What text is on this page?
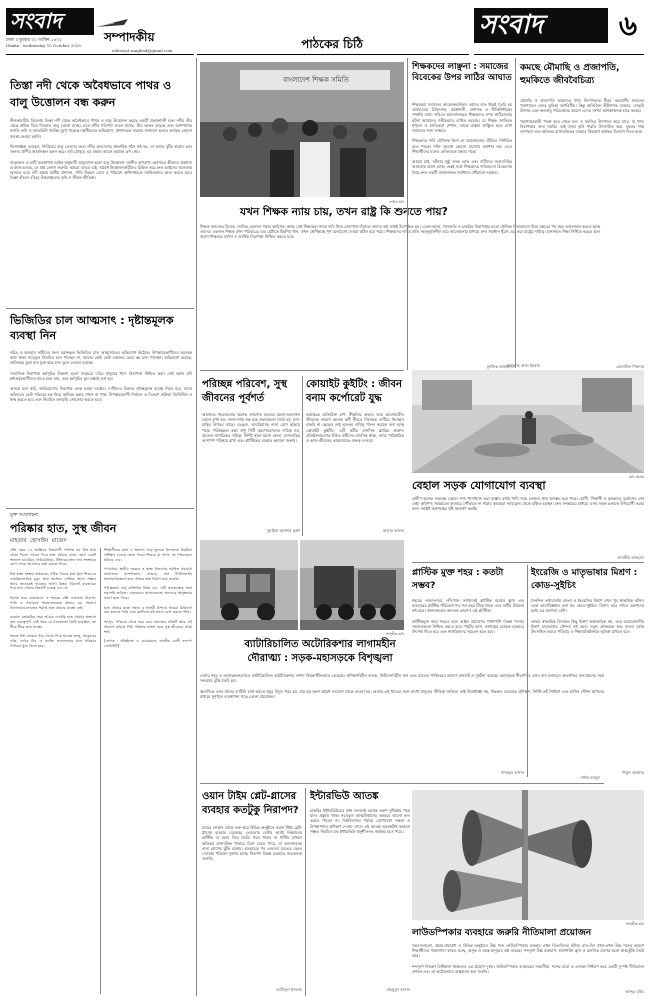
সংবাদ
ঢাকা ॥ বুধবার ৩০ আশ্বিন ১৪৩২
Dhaka : wednesday 15 October 2025
সম্পাদকীয়
editorial.sangbad@gmail.com	পাঠকের চিঠি
সংবাদ	৬
তিস্তা নদী থেকে অবৈধভাবে পাথর ও বালু উত্তোলন বন্ধ করুন
নীলফামারীর ডিমলায় তিস্তা নদী থেকে অবৈধভাবে পাথর ও বালু উত্তোলন করছে একটি প্রভাবশালী চক্র। নদীর তীর থেকে শ্রমিক দিয়ে দিনরাত বালু তোলা হচ্ছে। এতে নদীর গতিপথ বদলে যাচ্ছে, তীর ভাঙন বাড়ছে এবং আশপাশের ফসলি জমি ও বসতভিটা হুমকির মুখে পড়েছে। স্থানীয়দের অভিযোগ, প্রশাসনকে বারবার জানানো হলেও কার্যকর কোনো ব্যবস্থা নেওয়া হয়নি।

বিশেষজ্ঞরা বলছেন, নির্বিচারে বালু তোলার ফলে নদীর তলদেশের স্বাভাবিক গঠন নষ্ট হয়, যা বন্যার ঝুঁকি বাড়ায় এবং জলজ প্রাণীর আবাসস্থল ধ্বংস করে। বর্ষা মৌসুমে এর প্রভাব আরও ভয়াবহ রূপ নেয়।

বালুমহাল ও মাটি ব্যবস্থাপনা আইন অনুযায়ী অনুমোদন ছাড়া বালু উত্তোলন দণ্ডনীয় অপরাধ। তারপরও কীভাবে প্রকাশ্যে এ কাজ চলছে, সে প্রশ্ন তোলা জরুরি। আমরা বলতে চাই, অবৈধ উত্তোলনকারীদের চিহ্নিত করে দ্রুত আইনের আওতায় আনতে হবে। নদী রক্ষায় স্থানীয় প্রশাসন, পানি উন্নয়ন বোর্ড ও পরিবেশ অধিদপ্তরকে সমন্বিতভাবে কাজ করতে হবে। তিস্তা বাঁচলে বাঁচবে উত্তরাঞ্চলের কৃষি ও জীবন-জীবিকা।
ভিজিডির চাল আত্মসাৎ : দৃষ্টান্তমূলক ব্যবস্থা নিন
দরিদ্র ও অসহায় নারীদের জন্য বরাদ্দকৃত ভিজিডির চাল আত্মসাতের অভিযোগ উঠেছে। উপকারভোগীদের অনেকে কার্ড থাকা সত্ত্বেও নিয়মিত চাল পাচ্ছেন না, আবার কেউ কেউ বরাদ্দের চেয়ে কম চাল পাচ্ছেন। অভিযোগ রয়েছে, তালিকায় ভুয়া নাম যুক্ত করে চাল তুলে নেওয়া হয়েছে।

সামাজিক নিরাপত্তা কর্মসূচির উদ্দেশ্য হলো সবচেয়ে দরিদ্র মানুষের খাদ্য নিরাপত্তা নিশ্চিত করা। সেই বরাদ্দ যদি মধ্যস্বত্বভোগীদের হাতে চলে যায়, তবে কর্মসূচির মূল লক্ষ্যই ব্যর্থ হয়।

আমরা মনে করি, অভিযোগের নিরপেক্ষ তদন্ত হওয়া দরকার। দোষীদের বিরুদ্ধে দৃষ্টান্তমূলক ব্যবস্থা নিতে হবে, যাতে ভবিষ্যতে কেউ গরিবের হক নিয়ে অনিয়ম করার সাহস না পায়। উপকারভোগী নির্বাচন ও বিতরণ প্রক্রিয়া ডিজিটাল ও স্বচ্ছ করতে হবে এবং নিয়মিত তদারকি জোরদার করতে হবে।
মুক্ত আলোচনা
পরিষ্কার হাত, সুস্থ জীবন
মাহতাব হোসাইন মাজেদ
প্রতি বছর ১৫ অক্টোবর বিশ্বব্যাপী পালিত হয় বিশ্ব হাত ধোয়া দিবস। সাবান দিয়ে হাত ধোয়ার মতো ছোট্ট একটি অভ্যাস ডায়রিয়া, নিউমোনিয়া, টাইফয়েডসহ নানা সংক্রামক রোগ থেকে আমাদের রক্ষা করতে পারে।

বিশ্ব স্বাস্থ্য সংস্থার তথ্যমতে, সঠিক নিয়মে হাত ধুলে শিশুদের ডায়রিয়াজনিত মৃত্যু প্রায় অর্ধেকে নামিয়ে আনা সম্ভব। অথচ অনেকেই খাওয়ার আগে কিংবা টয়লেট ব্যবহারের পরে হাত ধোয়ার বিষয়টি গুরুত্ব দেন না।

বিশেষ করে গ্রামাঞ্চলে ও শহরের বস্তি এলাকায় নিরাপদ পানি ও সাবানের সহজলভ্যতার অভাব বড় সমস্যা। বিদ্যালয়গুলোতেও পর্যাপ্ত হাত ধোয়ার ব্যবস্থা নেই।

করোনা মহামারির সময় আমরা দেখেছি হাত ধোয়ার অভ্যাস কত গুরুত্বপূর্ণ। সেই সময় যে সচেতনতা তৈরি হয়েছিল, তা ধীরে ধীরে কমে যাচ্ছে।

অন্তত বিশ সেকেন্ড ধরে সাবান দিয়ে হাতের তালু, আঙুলের ফাঁক, নখের নিচ ও কবজি ভালোভাবে ঘষে পরিষ্কার পানিতে ধুয়ে নিতে হবে।
শিক্ষার্থীদের মধ্যে এ অভ্যাস গড়ে তুলতে বিদ্যালয়ে নিয়মিত প্রশিক্ষণ দেওয়া যেতে পারে। শিশুরা যা শেখে, তা পরিবারেও ছড়িয়ে দেয়।

গণমাধ্যম, স্থানীয় সরকার ও স্বাস্থ্য বিভাগের সমন্বিত প্রচারণা প্রয়োজন। হাসপাতাল, বাজার, বাস টার্মিনালসহ জনসমাগমস্থলে হাত ধোয়ার স্থান নির্মাণ করা জরুরি।

পরিচ্ছন্নতা শুধু ব্যক্তিগত বিষয় নয়, এটি জনস্বাস্থ্যের সঙ্গে সরাসরি জড়িত। একজনের অসচেতনতা অন্যদের অসুস্থতার কারণ হতে পারে।

হাত ধোয়ার মতো সহজ ও সাশ্রয়ী উপায়ে আমরা চিকিৎসা ব্যয় কমাতে পারি এবং কর্মদিবস নষ্ট হওয়া রোধ করতে পারি।

আসুন, পরিবার থেকে শুরু করে সমাজের প্রতিটি স্তরে এই অভ্যাস ছড়িয়ে দিই। পরিষ্কার হাতই হোক সুস্থ জীবনের প্রথম শর্ত।

[লেখক : প্রতিষ্ঠাতা ও চেয়ারম্যান, জাতীয় রোগী কল্যাণ সোসাইটি]
বাংলাদেশ শিক্ষক সমিতি
ফাইল ছবি
যখন শিক্ষক ন্যায় চায়, তখন রাষ্ট্র কি শুনতে পায়?
শিক্ষক সমাজের বিবেক, জাতির মেরুদণ্ড গড়ার কারিগর। অথচ সেই শিক্ষকেরা ন্যায্য দাবি নিয়ে রাজপথে দাঁড়ালে তাদের কণ্ঠ প্রায়ই উপেক্ষিত হয়। বেতন-ভাতা, পদোন্নতি ও চাকরির নিরাপত্তার মতো মৌলিক বিষয়গুলো নিয়ে বছরের পর বছর আন্দোলন করতে হচ্ছে তাদের। একজন শিক্ষক যখন পরিবারের ব্যয় মেটাতে হিমশিম খান, তখন শ্রেণিকক্ষে পূর্ণ মনোযোগ দেওয়া কঠিন হয়ে পড়ে। শিক্ষকদের দাবির প্রতি সহানুভূতিশীল হয়ে আলোচনার মাধ্যমে দ্রুত সমাধান খুঁজে বের করা রাষ্ট্রের দায়িত্ব। মানসম্মত শিক্ষা নিশ্চিত করতে হলে আগে শিক্ষকের মর্যাদা ও আর্থিক নিরাপত্তা নিশ্চিত করতে হবে।
আব্দুল্লাহ আল ইমরান
পরিচ্ছন্ন পরিবেশ, সুস্থ জীবনের পূর্বশর্ত
আমাদের শহরগুলোর অনেক জায়গায় যত্রতত্র ময়লা-আবর্জনা ফেলে রাখা হয়। নালা-নর্দমা বন্ধ হয়ে জলাবদ্ধতা তৈরি হয়, মশা-মাছির উপদ্রব বাড়ে। ডেঙ্গু, ডায়রিয়াসহ নানা রোগ ছড়িয়ে পড়ে। পরিচ্ছন্নতা রক্ষা শুধু সিটি করপোরেশনের দায়িত্ব নয়, প্রত্যেক নাগরিকের দায়িত্ব। নির্দিষ্ট স্থানে ময়লা ফেলা, বাসাবাড়ির আশপাশ পরিষ্কার রাখা এবং প্লাস্টিকের ব্যবহার কমানো জরুরি।
সুমাইয়া আক্তার মুক্তা
কোয়াইট কুইটিং : জীবন বনাম কর্পোরেট যুদ্ধ
কর্মক্ষেত্রে অতিরিক্ত চাপ, স্বীকৃতির অভাব আর ভারসাম্যহীন জীবনের কারণে অনেক কর্মী নীরবে নিজেকে গুটিয়ে নিচ্ছেন। চাকরি না ছেড়েও শুধু ন্যূনতম দায়িত্ব পালন করাকে বলা হচ্ছে কোয়াইট কুইটিং। এটি কর্মীর মানসিক ক্লান্তির প্রকাশ। প্রতিষ্ঠানগুলোর উচিত কর্মীদের মানসিক স্বাস্থ্য, ন্যায্য পারিশ্রমিক ও কাজ-জীবনের ভারসাম্যকে গুরুত্ব দেওয়া।
আমার আলম
সংগৃহীত ছবি
ব্যাটারিচালিত অটোরিকশার লাগামহীন দৌরাত্ম্য : সড়ক-মহাসড়কে বিশৃঙ্খলা
দেশের শহর ও মহাসড়কগুলোতে ব্যাটারিচালিত অটোরিকশার সংখ্যা নিয়ন্ত্রণহীনভাবে বেড়েছে। প্রশিক্ষণবিহীন চালক, ফিটনেসবিহীন যান এবং যত্রতত্র পার্কিংয়ের কারণে যানজট ও দুর্ঘটনা বাড়ছে। মহাসড়কে ধীরগতির এসব যান চলাচলে দ্রুতগতির যানবাহনের সঙ্গে সংঘর্ষের ঝুঁকি তৈরি হয়।

অন্যদিকে এসব যানের ব্যাটারি চার্জ করতে প্রচুর বিদ্যুৎ খরচ হয়, যার বড় অংশ অবৈধ সংযোগ থেকে নেওয়া হয়। আবার এই খাতের সঙ্গে লাখো মানুষের জীবিকা জড়িত। তাই নিষেধাজ্ঞা নয়, নিবন্ধন, চালকের প্রশিক্ষণ, নির্দিষ্ট রুট নির্ধারণ এবং চার্জিং স্টেশন স্থাপনের মাধ্যমে সুশৃঙ্খল ব্যবস্থাপনা গড়ে তোলা প্রয়োজন।
নাঈম মাহমুদ
ওয়ান টাইম প্লেট-গ্লাসের ব্যবহার কতটুকু নিরাপদ?
চায়ের দোকান থেকে শুরু করে বিভিন্ন অনুষ্ঠানে ওয়ান টাইম প্লেট-গ্লাসের ব্যবহার বেড়েছে। এগুলোর বেশির ভাগই নিম্নমানের প্লাস্টিক বা ফোম দিয়ে তৈরি। গরম খাবার বা পানীয় রাখলে ক্ষতিকর রাসায়নিক খাবারে মিশে যেতে পারে, যা ক্যানসারসহ নানা রোগের ঝুঁকি বাড়ায়। ব্যবহারের পর এগুলো যত্রতত্র ফেলে দেওয়ায় পরিবেশ দূষণও হচ্ছে। নিরাপদ বিকল্প ব্যবহারে সচেতনতা জরুরি।
আমিনুল ইসলাম
ইন্টারভিউ আতঙ্ক
চাকরির ইন্টারভিউয়ের কথা শুনলেই অনেক তরুণ দুশ্চিন্তায় পড়ে যান। প্রস্তুতি থাকা সত্ত্বেও আত্মবিশ্বাসের অভাবে ভালো ফল করতে পারেন না। বিশ্ববিদ্যালয় পর্যায়ে যোগাযোগ দক্ষতা ও উপস্থাপনার প্রশিক্ষণ দেওয়া গেলে এই আতঙ্ক অনেকটাই কমানো সম্ভব। নিয়মিত মক ইন্টারভিউ অনুশীলনও কার্যকর হতে পারে।
মাহমুদুল হাসান
শিক্ষকদের লাঞ্ছনা : সমাজের বিবেকের উপর লাঠির আঘাত
শিক্ষকেরা সমাজের আলোকবর্তিকা। তাদের হাত ধরেই তৈরি হয় ভবিষ্যতের চিকিৎসক, প্রকৌশলী, প্রশাসক ও নীতিনির্ধারক। সম্প্রতি ন্যায্য দাবিতে আন্দোলনরত শিক্ষকদের ওপর লাঠিচার্জের ঘটনা আমাদের গভীরভাবে ব্যথিত করেছে। যে শিক্ষক জাতিকে শৃঙ্খলা ও নৈতিকতা শেখান, তাকে রাস্তায় লাঞ্ছিত হতে দেখা সমাজের জন্য লজ্জার।

শিক্ষকদের দাবি যৌক্তিক কিনা তা আলোচনার টেবিলে নির্ধারিত হতে পারত। শক্তি প্রয়োগ কোনো সমস্যার সমাধান নয়। এতে শিক্ষার্থীদের মনেও নেতিবাচক প্রভাব পড়ে।

আমরা চাই, ঘটনার সুষ্ঠু তদন্ত হোক এবং দায়ীদের জবাবদিহির আওতায় আনা হোক। একই সঙ্গে শিক্ষকদের দাবিগুলো বিবেচনায় নিয়ে দ্রুত একটি সম্মানজনক সমাধানে পৌঁছানো দরকার।
মুশফিক আহমেদ
কমছে মৌমাছি ও প্রজাপতি, হুমকিতে জীববৈচিত্র্য
মৌমাছি ও প্রজাপতি আমাদের খাদ্য উৎপাদনের নীরব সহযোগী। ফসলের পরাগায়নে এদের ভূমিকা অপরিসীম। কিন্তু অতিরিক্ত কীটনাশক ব্যবহার, বনভূমি উজাড় এবং জলবায়ু পরিবর্তনের কারণে এদের সংখ্যা আশঙ্কাজনক হারে কমছে।

পরাগায়নকারী পতঙ্গ কমে গেলে ফল ও সবজির উৎপাদন কমে যাবে, যা খাদ্য নিরাপত্তার জন্য হুমকি। তাই জৈব কৃষি পদ্ধতি উৎসাহিত করা, ফুলের গাছ লাগানো এবং ক্ষতিকর রাসায়নিকের ব্যবহার নিয়ন্ত্রণে কার্যকর উদ্যোগ নিতে হবে।
রেজাউল শিকদার
ছবি সংগ্রহ
বেহাল সড়ক যোগাযোগ ব্যবস্থা
গ্রামীণ অনেক সড়কের বেহাল দশা। খানাখন্দে ভরা রাস্তায় বর্ষায় পানি জমে চলাচল প্রায় অসম্ভব হয়ে পড়ে। রোগী, শিক্ষার্থী ও কৃষকদের দুর্ভোগের শেষ নেই। কৃষিপণ্য সময়মতো বাজারে পৌঁছাতে না পারায় কৃষকেরা ন্যায্যমূল্য থেকে বঞ্চিত হচ্ছেন। দ্রুত সংস্কারের মাধ্যমে এসব সড়ক চলাচল উপযোগী করার জন্য সংশ্লিষ্ট কর্তৃপক্ষের দৃষ্টি আকর্ষণ করছি।
তানভীর আহমেদ
প্লাস্টিক মুক্ত শহর : কতটা সম্ভব?
শহরের নালা-নর্দমা, নদী-খাল সবখানেই প্লাস্টিক বর্জ্যের স্তূপ। এক ব্যবহারের প্লাস্টিক পরিবেশে শত শত বছর টিকে থাকে এবং মাটির উর্বরতা নষ্ট করে। জলাবদ্ধতার অন্যতম কারণও এই প্লাস্টিক।

প্লাস্টিকমুক্ত শহর গড়তে হলে আইন প্রয়োগের পাশাপাশি বিকল্প পণ্যের সহজলভ্যতা নিশ্চিত করতে হবে। পাটের ব্যাগ, কাগজের মোড়ক ব্যবহারে উৎসাহ দিতে হবে এবং নাগরিকদের সচেতন হতে হবে।
নাজমুল হাসান
ইংরেজি ও মাতৃভাষার মিশ্রণ : কোড-সুইচিং
দৈনন্দিন কথাবার্তায় বাংলা ও ইংরেজির মিশ্রণ এখন খুব স্বাভাবিক ঘটনা। একে ভাষাবিজ্ঞানে বলা হয় কোড-সুইচিং। বিশেষ করে শহুরে তরুণদের মধ্যে এর প্রবণতা বেশি।

ভাষার স্বাভাবিক বিবর্তনে কিছু মিশ্রণ অস্বাভাবিক নয়, তবে অপ্রয়োজনীয় মিশ্রণ মাতৃভাষার সৌন্দর্য নষ্ট করে। নতুন প্রজন্মকে শুদ্ধ বাংলা চর্চায় উৎসাহিত করতে পরিবার ও শিক্ষাপ্রতিষ্ঠানকে ভূমিকা রাখতে হবে।
শিমুল আক্তার
সংগৃহীত ছবি
লাউডস্পিকার ব্যবহারে জরুরি নীতিমালা প্রয়োজন
সভা-সমাবেশ, প্রচার-প্রচারণা ও বিভিন্ন অনুষ্ঠানে উচ্চ শব্দে লাউডস্পিকার ব্যবহার এখন নিত্যদিনের ঘটনা। রাত-দিন যখন-তখন উচ্চ শব্দের কারণে শিক্ষার্থীদের পড়াশোনা ব্যাহত হচ্ছে, অসুস্থ ও বয়স্ক মানুষের কষ্ট বাড়ছে। শব্দদূষণ উচ্চ রক্তচাপ, শ্রবণশক্তি হ্রাস ও মানসিক চাপের মতো স্বাস্থ্যঝুঁকি তৈরি করে।

শব্দদূষণ নিয়ন্ত্রণ বিধিমালা থাকলেও এর প্রয়োগ দুর্বল। লাউডস্পিকার ব্যবহারের সময়সীমা, শব্দের মাত্রা ও এলাকা নির্ধারণ করে একটি সুস্পষ্ট নীতিমালা প্রণয়ন এবং তা কঠোরভাবে বাস্তবায়ন করা জরুরি।
আব্দুর রহিম
